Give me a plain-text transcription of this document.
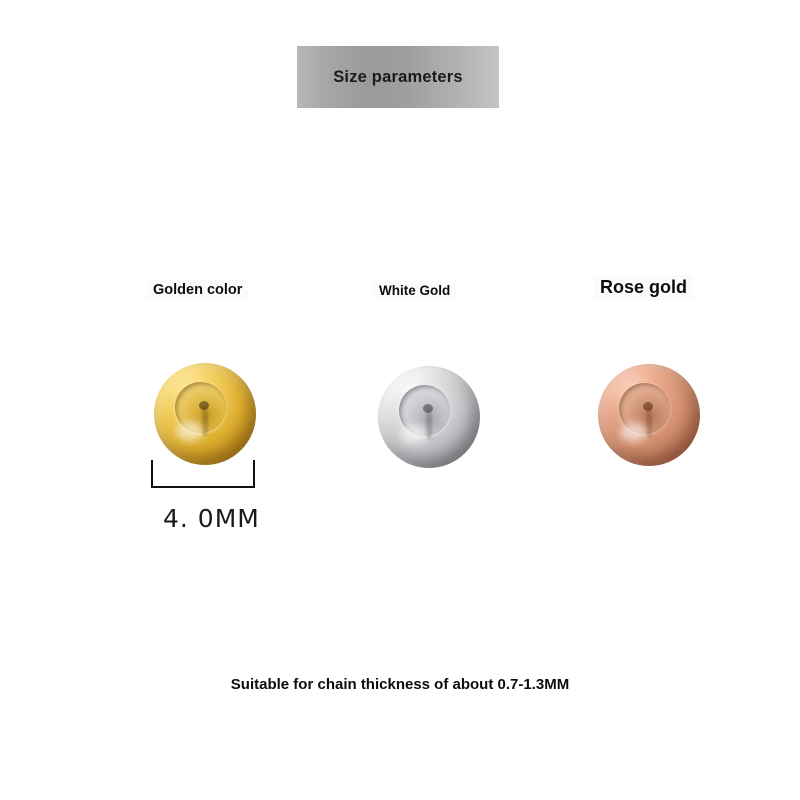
Size parameters
Golden color	White Gold	Rose gold
4. 0MM
Suitable for chain thickness of about 0.7-1.3MM
